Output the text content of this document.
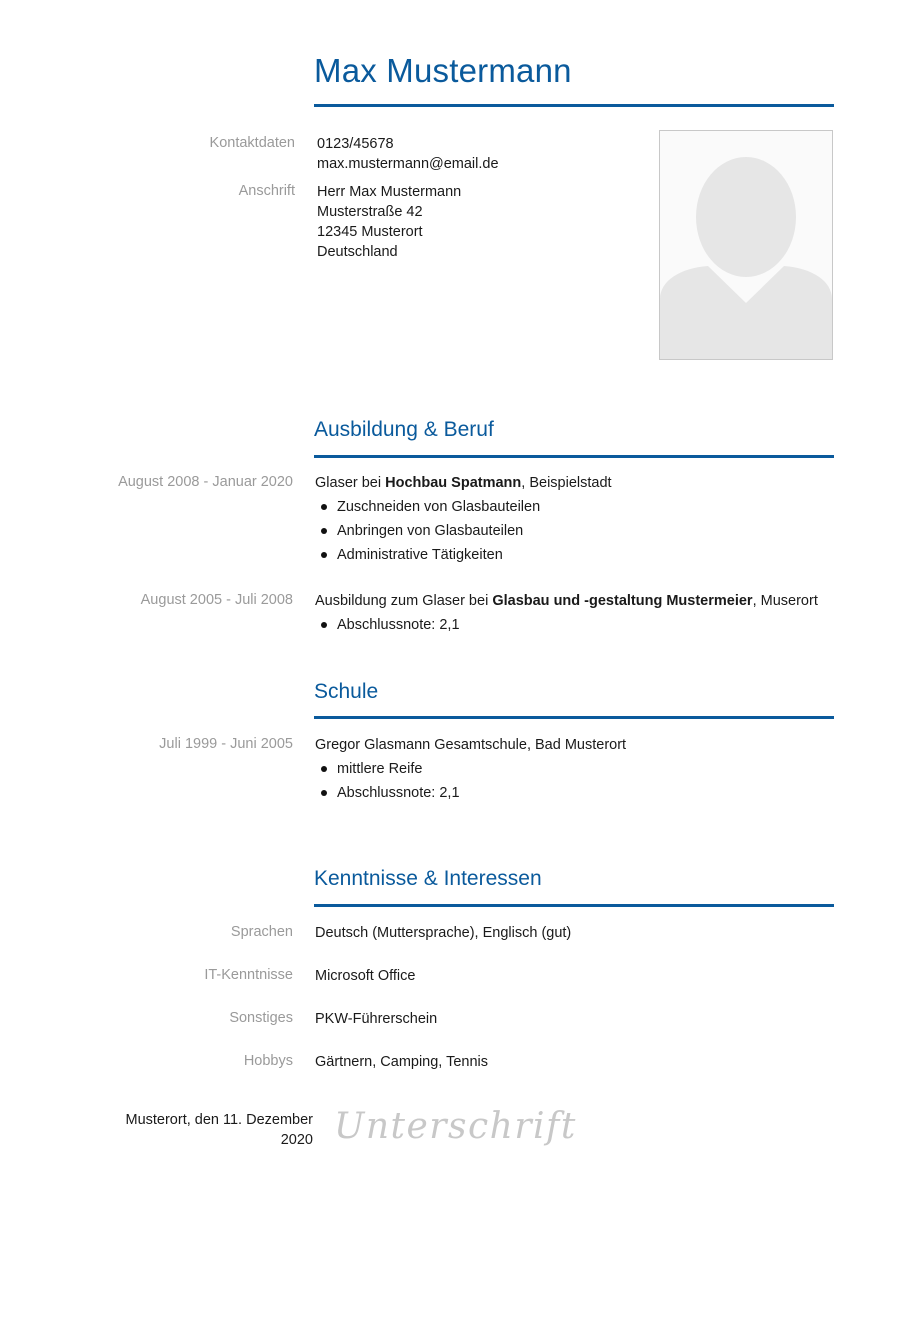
Max Mustermann
Kontaktdaten 0123/45678
max.mustermann@email.de
Anschrift Herr Max Mustermann
Musterstraße 42
12345 Musterort
Deutschland
Ausbildung & Beruf
August 2008 - Januar 2020 Glaser bei Hochbau Spatmann, Beispielstadt
Zuschneiden von Glasbauteilen
Anbringen von Glasbauteilen
Administrative Tätigkeiten
August 2005 - Juli 2008 Ausbildung zum Glaser bei Glasbau und -gestaltung Mustermeier, Muserort
Abschlussnote: 2,1
Schule
Juli 1999 - Juni 2005 Gregor Glasmann Gesamtschule, Bad Musterort
mittlere Reife
Abschlussnote: 2,1
Kenntnisse & Interessen
Sprachen Deutsch (Muttersprache), Englisch (gut)
IT-Kenntnisse Microsoft Office
Sonstiges PKW-Führerschein
Hobbys Gärtnern, Camping, Tennis
Musterort, den 11. Dezember
2020 Unterschrift
